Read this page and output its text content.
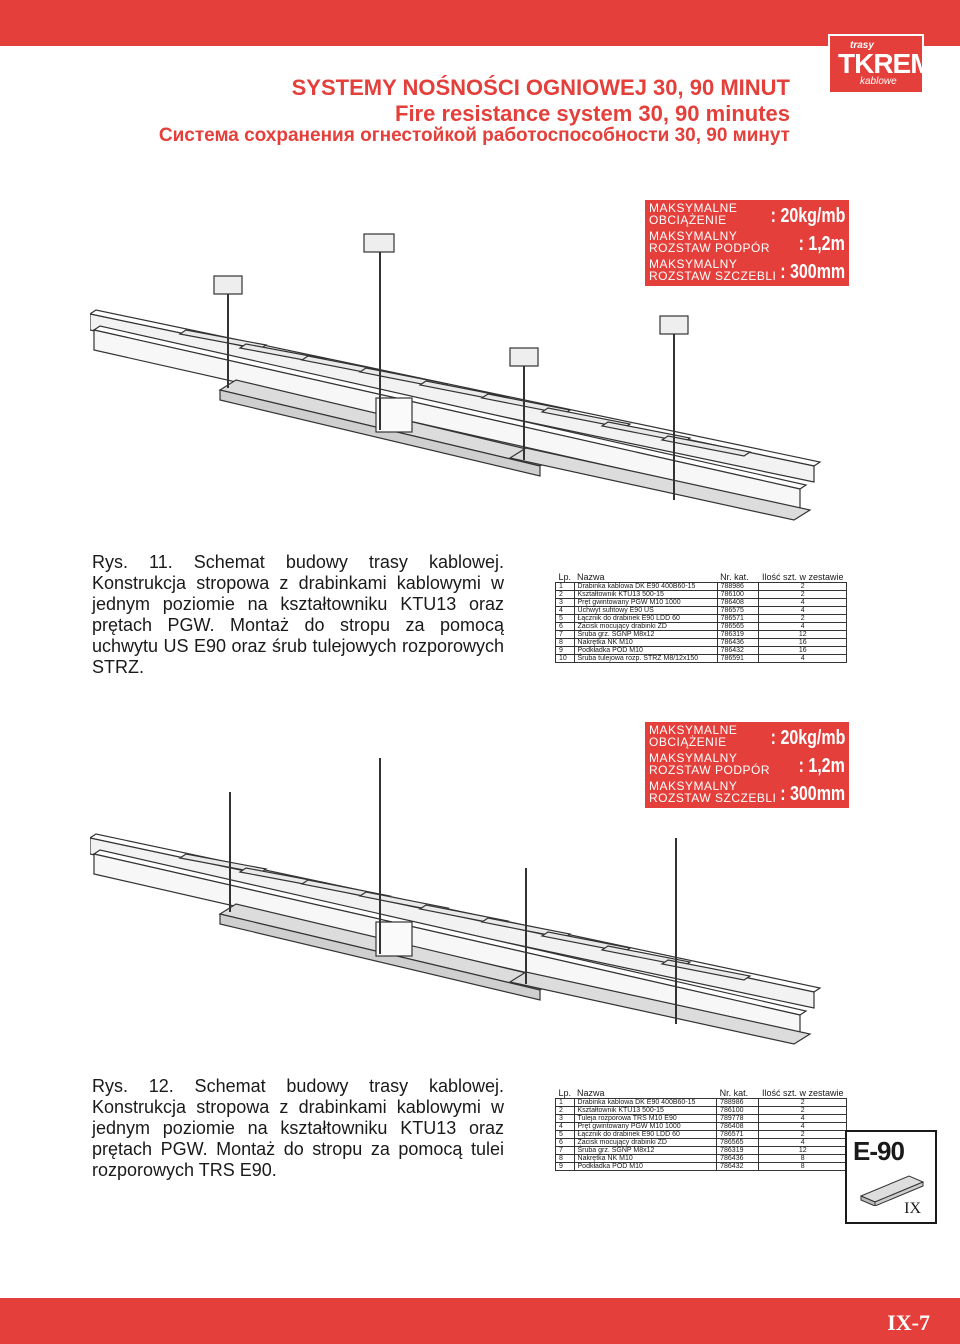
trasy
TKREM
kablowe
SYSTEMY NOŚNOŚCI OGNIOWEJ 30, 90 MINUT
Fire resistance system 30, 90 minutes
Система сохранения огнестойкой работоспособности 30, 90 минут
MAKSYMALNE
OBCIĄŻENIE	: 20kg/mb
MAKSYMALNY
ROZSTAW PODPÓR : 1,2m
MAKSYMALNY
ROZSTAW SZCZEBLI : 300mm
Rys. 11. Schemat budowy trasy kablowej. Konstrukcja stropowa z drabinkami kablowymi w jednym poziomie na kształtowniku KTU13 oraz prętach PGW. Montaż do stropu za pomocą uchwytu US E90 oraz śrub tulejowych rozporowych STRZ.
Lp.	Nazwa	Nr. kat.	Ilość szt. w zestawie
1	Drabinka kablowa DK E90 400B60-15	788986	2
2	Kształtownik KTU13 500-15	786100	2
3	Pręt gwintowany PGW M10 1000	786408	4
4	Uchwyt sufitowy E90 US	786575	4
5	Łącznik do drabinek E90 LDD 60	786571	2
6	Zacisk mocujący drabinki ZD	786565	4
7	Śruba grz. SGNP M8x12	786319	12
8	Nakrętka NK M10	786436	16
9	Podkładka POD M10	786432	16
10	Śruba tulejowa rozp. STRZ M8/12x150	786591	4
MAKSYMALNE
OBCIĄŻENIE	: 20kg/mb
MAKSYMALNY
ROZSTAW PODPÓR : 1,2m
MAKSYMALNY
ROZSTAW SZCZEBLI : 300mm
Rys. 12. Schemat budowy trasy kablowej. Konstrukcja stropowa z drabinkami kablowymi w jednym poziomie na kształtowniku KTU13 oraz prętach PGW. Montaż do stropu za pomocą tulei rozporowych TRS E90.
Lp.	Nazwa	Nr. kat.	Ilość szt. w zestawie
1	Drabinka kablowa DK E90 400B60-15	788986	2
2	Kształtownik KTU13 500-15	786100	2
3	Tuleja rozporowa TRS M10 E90	789778	4
4	Pręt gwintowany PGW M10 1000	786408	4
5	Łącznik do drabinek E90 LDD 60	786571	2
6	Zacisk mocujący drabinki ZD	786565	4
7	Śruba grz. SGNP M8x12	786319	12
8	Nakrętka NK M10	786436	8
9	Podkładka POD M10	786432	8 E-90
IX
IX-7
